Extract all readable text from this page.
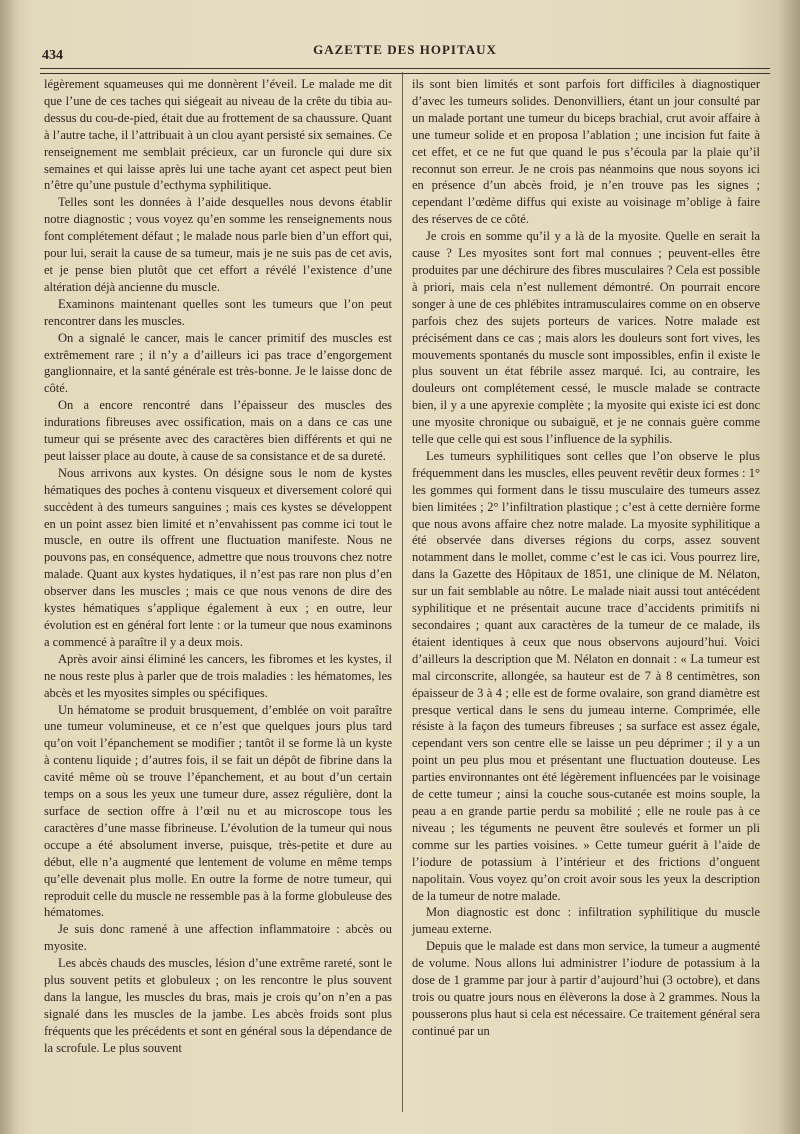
434	GAZETTE DES HOPITAUX

légèrement squameuses qui me donnèrent l’éveil. Le malade me dit que l’une de ces taches qui siégeait au niveau de la crête du tibia au-dessus du cou-de-pied, était due au frottement de sa chaussure. Quant à l’autre tache, il l’attribuait à un clou ayant persisté six semaines. Ce renseignement me semblait précieux, car un furoncle qui dure six semaines et qui laisse après lui une tache ayant cet aspect peut bien n’être qu’une pustule d’ecthyma syphilitique.

Telles sont les données à l’aide desquelles nous devons établir notre diagnostic ; vous voyez qu’en somme les renseignements nous font complétement défaut ; le malade nous parle bien d’un effort qui, pour lui, serait la cause de sa tumeur, mais je ne suis pas de cet avis, et je pense bien plutôt que cet effort a révélé l’existence d’une altération déjà ancienne du muscle.

Examinons maintenant quelles sont les tumeurs que l’on peut rencontrer dans les muscles.

On a signalé le cancer, mais le cancer primitif des muscles est extrêmement rare ; il n’y a d’ailleurs ici pas trace d’engorgement ganglionnaire, et la santé générale est très-bonne. Je le laisse donc de côté.

On a encore rencontré dans l’épaisseur des muscles des indurations fibreuses avec ossification, mais on a dans ce cas une tumeur qui se présente avec des caractères bien différents et qui ne peut laisser place au doute, à cause de sa consistance et de sa dureté.

Nous arrivons aux kystes. On désigne sous le nom de kystes hématiques des poches à contenu visqueux et diversement coloré qui succèdent à des tumeurs sanguines ; mais ces kystes se développent en un point assez bien limité et n’envahissent pas comme ici tout le muscle, en outre ils offrent une fluctuation manifeste. Nous ne pouvons pas, en conséquence, admettre que nous trouvons chez notre malade. Quant aux kystes hydatiques, il n’est pas rare non plus d’en observer dans les muscles ; mais ce que nous venons de dire des kystes hématiques s’applique également à eux ; en outre, leur évolution est en général fort lente : or la tumeur que nous examinons a commencé à paraître il y a deux mois.

Après avoir ainsi éliminé les cancers, les fibromes et les kystes, il ne nous reste plus à parler que de trois maladies : les hématomes, les abcès et les myosites simples ou spécifiques.

Un hématome se produit brusquement, d’emblée on voit paraître une tumeur volumineuse, et ce n’est que quelques jours plus tard qu’on voit l’épanchement se modifier ; tantôt il se forme là un kyste à contenu liquide ; d’autres fois, il se fait un dépôt de fibrine dans la cavité même où se trouve l’épanchement, et au bout d’un certain temps on a sous les yeux une tumeur dure, assez régulière, dont la surface de section offre à l’œil nu et au microscope tous les caractères d’une masse fibrineuse. L’évolution de la tumeur qui nous occupe a été absolument inverse, puisque, très-petite et dure au début, elle n’a augmenté que lentement de volume en même temps qu’elle devenait plus molle. En outre la forme de notre tumeur, qui reproduit celle du muscle ne ressemble pas à la forme globuleuse des hématomes.

Je suis donc ramené à une affection inflammatoire : abcès ou myosite.

Les abcès chauds des muscles, lésion d’une extrême rareté, sont le plus souvent petits et globuleux ; on les rencontre le plus souvent dans la langue, les muscles du bras, mais je crois qu’on n’en a pas signalé dans les muscles de la jambe. Les abcès froids sont plus fréquents que les précédents et sont en général sous la dépendance de la scrofule. Le plus souvent

ils sont bien limités et sont parfois fort difficiles à diagnostiquer d’avec les tumeurs solides. Denonvilliers, étant un jour consulté par un malade portant une tumeur du biceps brachial, crut avoir affaire à une tumeur solide et en proposa l’ablation ; une incision fut faite à cet effet, et ce ne fut que quand le pus s’écoula par la plaie qu’il reconnut son erreur. Je ne crois pas néanmoins que nous soyons ici en présence d’un abcès froid, je n’en trouve pas les signes ; cependant l’œdème diffus qui existe au voisinage m’oblige à faire des réserves de ce côté.

Je crois en somme qu’il y a là de la myosite. Quelle en serait la cause ? Les myosites sont fort mal connues ; peuvent-elles être produites par une déchirure des fibres musculaires ? Cela est possible à priori, mais cela n’est nullement démontré. On pourrait encore songer à une de ces phlébites intramusculaires comme on en observe parfois chez des sujets porteurs de varices. Notre malade est précisément dans ce cas ; mais alors les douleurs sont fort vives, les mouvements spontanés du muscle sont impossibles, enfin il existe le plus souvent un état fébrile assez marqué. Ici, au contraire, les douleurs ont complétement cessé, le muscle malade se contracte bien, il y a une apyrexie complète ; la myosite qui existe ici est donc une myosite chronique ou subaiguë, et je ne connais guère comme telle que celle qui est sous l’influence de la syphilis.

Les tumeurs syphilitiques sont celles que l’on observe le plus fréquemment dans les muscles, elles peuvent revêtir deux formes : 1° les gommes qui forment dans le tissu musculaire des tumeurs assez bien limitées ; 2° l’infiltration plastique ; c’est à cette dernière forme que nous avons affaire chez notre malade. La myosite syphilitique a été observée dans diverses régions du corps, assez souvent notamment dans le mollet, comme c’est le cas ici. Vous pourrez lire, dans la Gazette des Hôpitaux de 1851, une clinique de M. Nélaton, sur un fait semblable au nôtre. Le malade niait aussi tout antécédent syphilitique et ne présentait aucune trace d’accidents primitifs ni secondaires ; quant aux caractères de la tumeur de ce malade, ils étaient identiques à ceux que nous observons aujourd’hui. Voici d’ailleurs la description que M. Nélaton en donnait : « La tumeur est mal circonscrite, allongée, sa hauteur est de 7 à 8 centimètres, son épaisseur de 3 à 4 ; elle est de forme ovalaire, son grand diamètre est presque vertical dans le sens du jumeau interne. Comprimée, elle résiste à la façon des tumeurs fibreuses ; sa surface est assez égale, cependant vers son centre elle se laisse un peu déprimer ; il y a un point un peu plus mou et présentant une fluctuation douteuse. Les parties environnantes ont été légèrement influencées par le voisinage de cette tumeur ; ainsi la couche sous-cutanée est moins souple, la peau a en grande partie perdu sa mobilité ; elle ne roule pas à ce niveau ; les téguments ne peuvent être soulevés et former un pli comme sur les parties voisines. » Cette tumeur guérit à l’aide de l’iodure de potassium à l’intérieur et des frictions d’onguent napolitain. Vous voyez qu’on croit avoir sous les yeux la description de la tumeur de notre malade.

Mon diagnostic est donc : infiltration syphilitique du muscle jumeau externe.

Depuis que le malade est dans mon service, la tumeur a augmenté de volume. Nous allons lui administrer l’iodure de potassium à la dose de 1 gramme par jour à partir d’aujourd’hui (3 octobre), et dans trois ou quatre jours nous en élèverons la dose à 2 grammes. Nous la pousserons plus haut si cela est nécessaire. Ce traitement général sera continué par un
